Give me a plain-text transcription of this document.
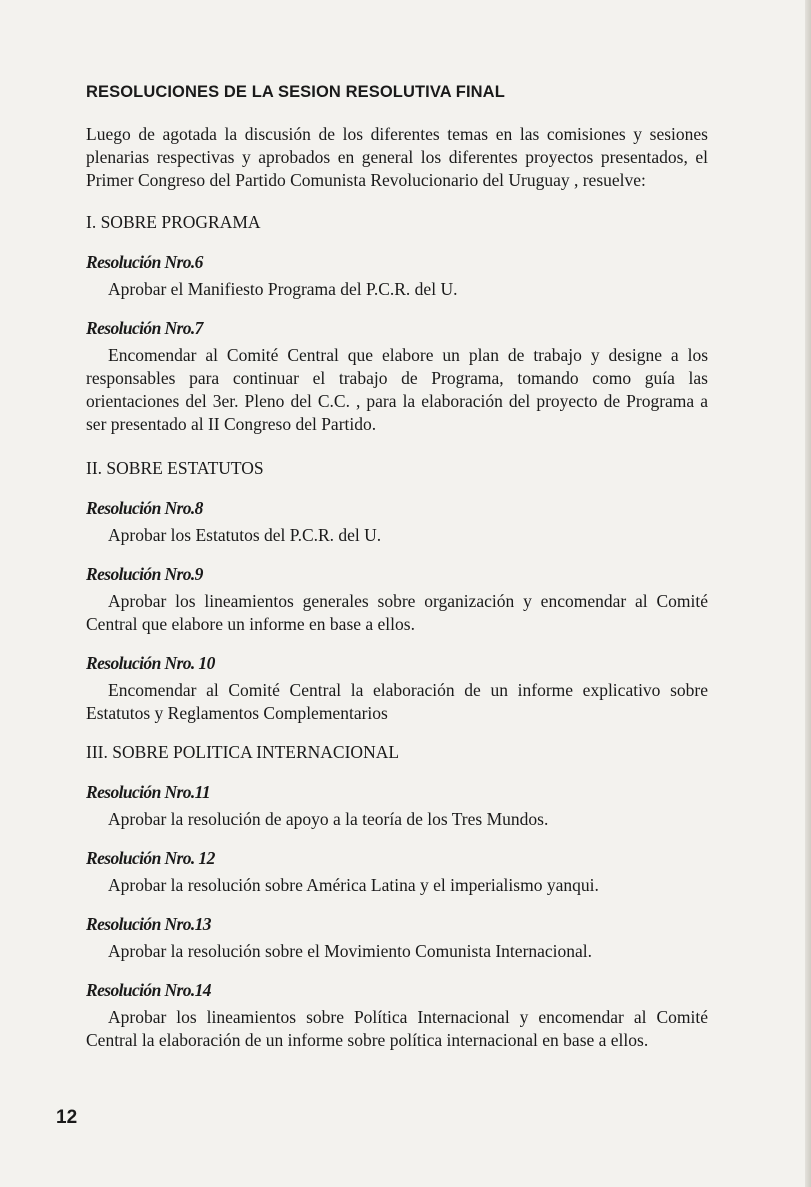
RESOLUCIONES DE LA SESION RESOLUTIVA FINAL

Luego de agotada la discusión de los diferentes temas en las comisiones y sesiones plenarias respectivas y aprobados en general los diferentes proyectos presentados, el Primer Congreso del Partido Comunista Revolucionario del Uruguay , resuelve:

I. SOBRE PROGRAMA
Resolución Nro.6

Aprobar el Manifiesto Programa del P.C.R. del U.

Resolución Nro.7

Encomendar al Comité Central que elabore un plan de trabajo y designe a los responsables para continuar el trabajo de Programa, tomando como guía las orientaciones del 3er. Pleno del C.C. , para la elaboración del proyecto de Programa a ser presentado al II Congreso del Partido.

II. SOBRE ESTATUTOS
Resolución Nro.8

Aprobar los Estatutos del P.C.R. del U.

Resolución Nro.9

Aprobar los lineamientos generales sobre organización y encomendar al Comité Central que elabore un informe en base a ellos.

Resolución Nro. 10

Encomendar al Comité Central la elaboración de un informe explicativo sobre Estatutos y Reglamentos Complementarios

III. SOBRE POLITICA INTERNACIONAL
Resolución Nro.11

Aprobar la resolución de apoyo a la teoría de los Tres Mundos.

Resolución Nro. 12

Aprobar la resolución sobre América Latina y el imperialismo yanqui.

Resolución Nro.13

Aprobar la resolución sobre el Movimiento Comunista Internacional.

Resolución Nro.14

Aprobar los lineamientos sobre Política Internacional y encomendar al Comité Central la elaboración de un informe sobre política internacional en base a ellos.

12
